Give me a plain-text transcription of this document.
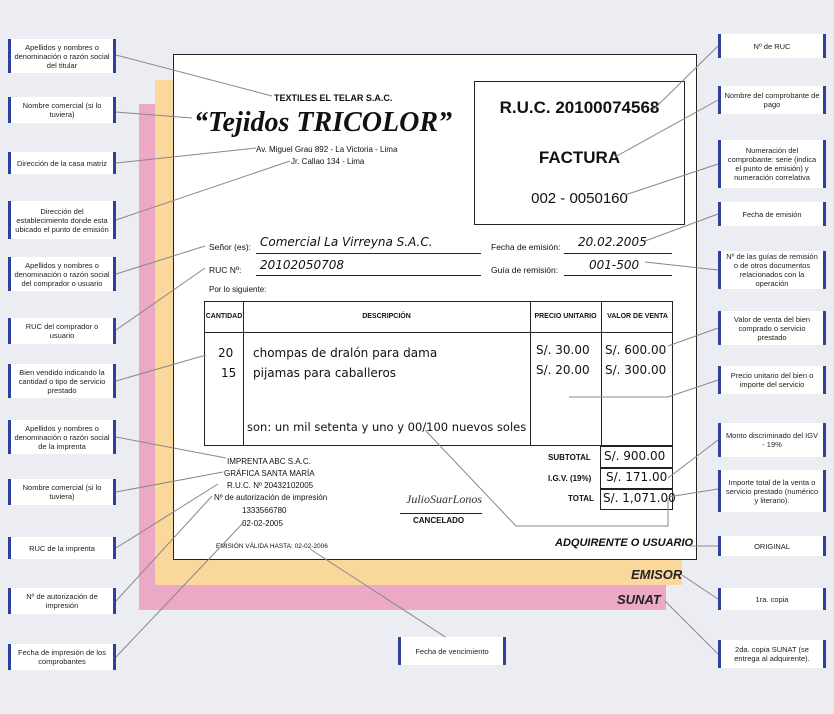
SUNAT
EMISOR
TEXTILES EL TELAR S.A.C.
“Tejidos TRICOLOR”
Av. Miguel Grau 892 - La Victoria - Lima
Jr. Callao 134 - Lima
R.U.C. 20100074568
FACTURA
002 - 0050160
Señor (es): Comercial La Virreyna S.A.C.
RUC Nº: 20102050708
Fecha de emisión: 20.02.2005
Guía de remisión:	001-500
Por lo siguiente:
CANTIDAD	DESCRIPCIÓN	PRECIO UNITARIO	VALOR DE VENTA
20 chompas de dralón para dama	S/. 30.00 S/. 600.00
15 pijamas para caballeros	S/. 20.00 S/. 300.00
son: un mil setenta y uno y 00/100 nuevos soles
SUBTOTAL S/. 900.00
I.G.V. (19%) S/. 171.00
TOTAL S/. 1,071.00
IMPRENTA ABC S.A.C.
GRÁFICA SANTA MARÍA
R.U.C. Nº 20432102005
Nº de autorización de impresión
1333566780
02-02-2005
EMISIÓN VÁLIDA HASTA: 02-02-2006
JulioSuarLonos
CANCELADO
ADQUIRENTE O USUARIO
Apellidos y nombres o denominación o razón social del titular
Nombre comercial (si lo tuviera)
Dirección de la casa matriz
Dirección del establecimiento donde esta ubicado el punto de emisión
Apellidos y nombres o denominación o razón social del comprador o usuario
RUC del comprador o usuario
Bien vendido indicando la cantidad o tipo de servicio prestado
Apellidos y nombres o denominación o razón social de la imprenta
Nombre comercial (si lo tuviera)
RUC de la imprenta
Nº de autorización de impresión
Fecha de impresión de los comprobantes
Nº de RUC
Nombre del comprobante de pago
Numeración del comprobante: serie (indica el punto de emisión) y numeración correlativa
Fecha de emisión
Nº de las guías de remisión o de otros documentos relacionados con la operación
Valor de venta del bien comprado o servicio prestado
Precio unitario del bien o importe del servicio
Monto discriminado del IGV - 19%
Importe total de la venta o servicio prestado (numérico y literario).
ORIGINAL
1ra. copia
2da. copia SUNAT (se entrega al adquirente).
Fecha de vencimiento
